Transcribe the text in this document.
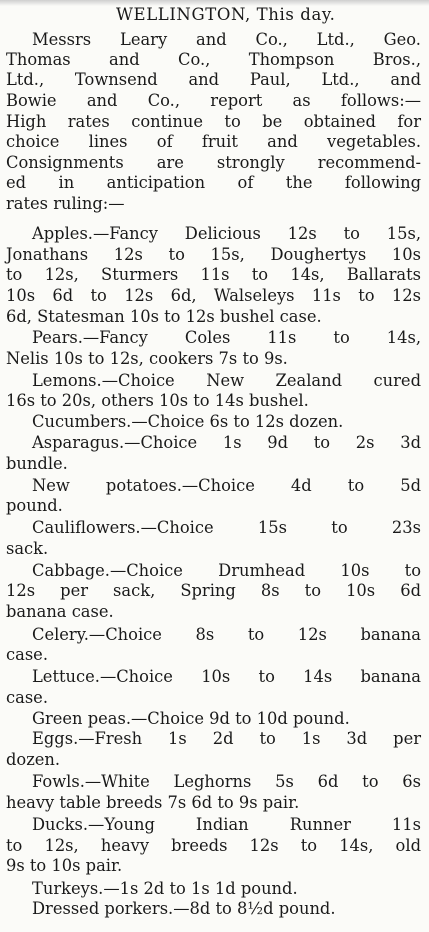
WELLINGTON, This day.
Messrs Leary and Co., Ltd., Geo.
Thomas and Co., Thompson Bros.,
Ltd., Townsend and Paul, Ltd., and
Bowie and Co., report as follows:—
High rates continue to be obtained for
choice lines of fruit and vegetables.
Consignments are strongly recommend-
ed in anticipation of the following
rates ruling:—
Apples.—Fancy Delicious 12s to 15s,
Jonathans 12s to 15s, Doughertys 10s
to 12s, Sturmers 11s to 14s, Ballarats
10s 6d to 12s 6d, Walseleys 11s to 12s
6d, Statesman 10s to 12s bushel case.
Pears.—Fancy Coles 11s to 14s,
Nelis 10s to 12s, cookers 7s to 9s.
Lemons.—Choice New Zealand cured
16s to 20s, others 10s to 14s bushel.
Cucumbers.—Choice 6s to 12s dozen.
Asparagus.—Choice 1s 9d to 2s 3d
bundle.
New potatoes.—Choice 4d to 5d
pound.
Cauliflowers.—Choice 15s to 23s
sack.
Cabbage.—Choice Drumhead 10s to
12s per sack, Spring 8s to 10s 6d
banana case.
Celery.—Choice 8s to 12s banana
case.
Lettuce.—Choice 10s to 14s banana
case.
Green peas.—Choice 9d to 10d pound.
Eggs.—Fresh 1s 2d to 1s 3d per
dozen.
Fowls.—White Leghorns 5s 6d to 6s
heavy table breeds 7s 6d to 9s pair.
Ducks.—Young Indian Runner 11s
to 12s, heavy breeds 12s to 14s, old
9s to 10s pair.
Turkeys.—1s 2d to 1s 1d pound.
Dressed porkers.—8d to 8½d pound.
